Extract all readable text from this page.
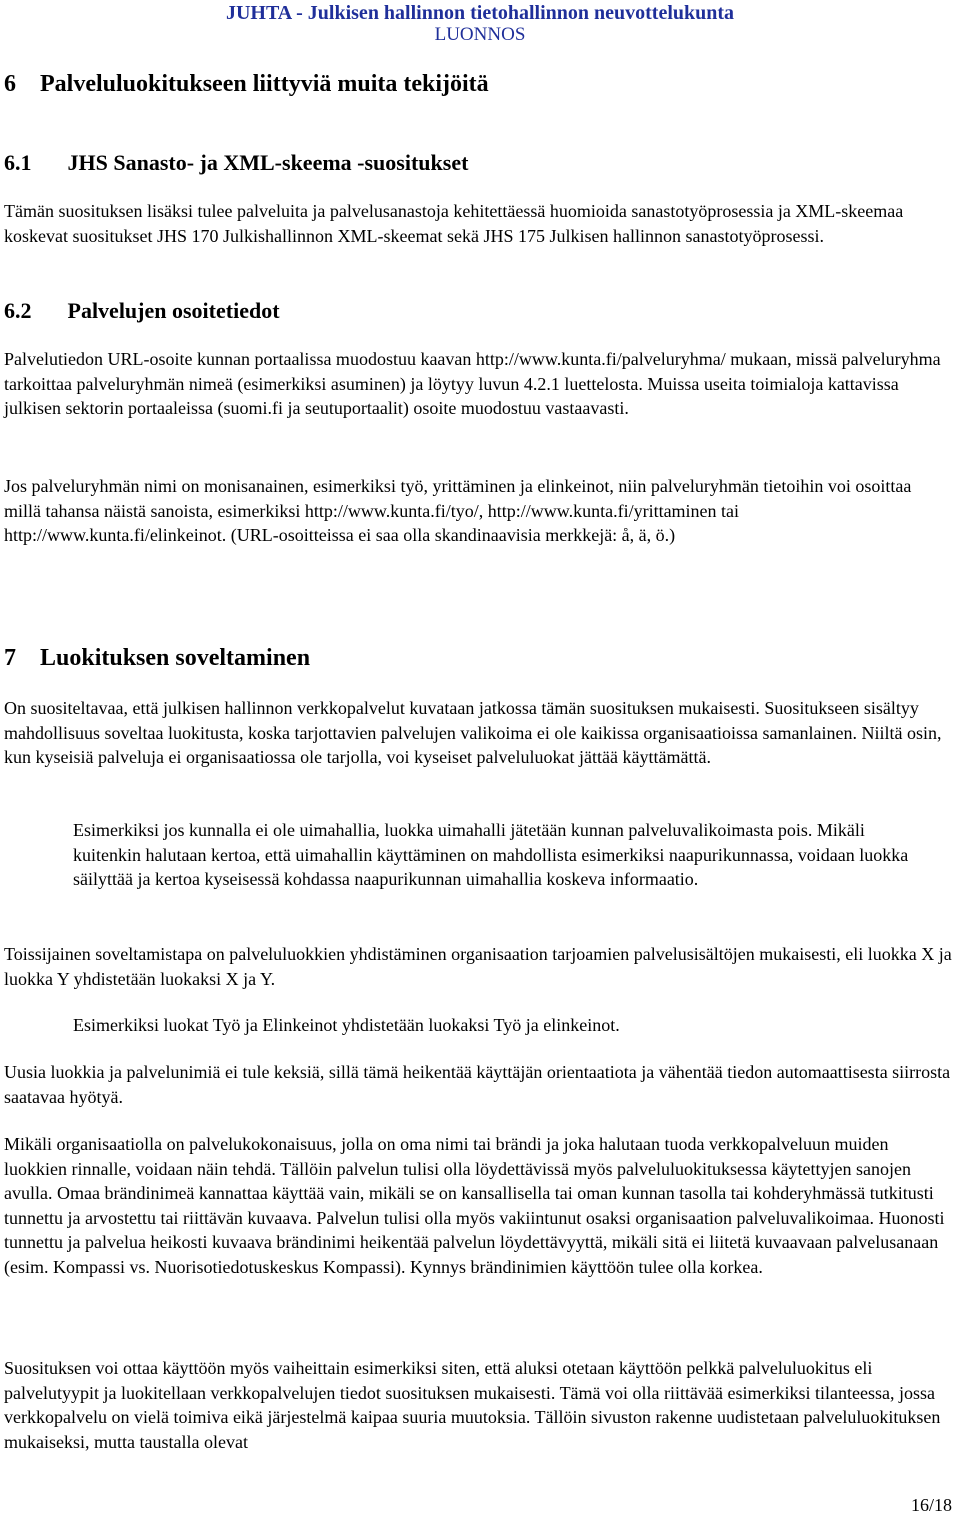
JUHTA - Julkisen hallinnon tietohallinnon neuvottelukunta
LUONNOS
6 Palveluluokitukseen liittyviä muita tekijöitä
6.1 JHS Sanasto- ja XML-skeema -suositukset

Tämän suosituksen lisäksi tulee palveluita ja palvelusanastoja kehitettäessä huomioida sanastotyöprosessia ja XML-skeemaa koskevat suositukset JHS 170 Julkishallinnon XML-skeemat sekä JHS 175 Julkisen hallinnon sanastotyöprosessi.

6.2 Palvelujen osoitetiedot

Palvelutiedon URL-osoite kunnan portaalissa muodostuu kaavan http://www.kunta.fi/palveluryhma/ mukaan, missä palveluryhma tarkoittaa palveluryhmän nimeä (esimerkiksi asuminen) ja löytyy luvun 4.2.1 luettelosta. Muissa useita toimialoja kattavissa julkisen sektorin portaaleissa (suomi.fi ja seutuportaalit) osoite muodostuu vastaavasti.

Jos palveluryhmän nimi on monisanainen, esimerkiksi työ, yrittäminen ja elinkeinot, niin palveluryhmän tietoihin voi osoittaa millä tahansa näistä sanoista, esimerkiksi http://www.kunta.fi/tyo/, http://www.kunta.fi/yrittaminen tai http://www.kunta.fi/elinkeinot. (URL-osoitteissa ei saa olla skandinaavisia merkkejä: å, ä, ö.)

7 Luokituksen soveltaminen

On suositeltavaa, että julkisen hallinnon verkkopalvelut kuvataan jatkossa tämän suosituksen mukaisesti. Suositukseen sisältyy mahdollisuus soveltaa luokitusta, koska tarjottavien palvelujen valikoima ei ole kaikissa organisaatioissa samanlainen. Niiltä osin, kun kyseisiä palveluja ei organisaatiossa ole tarjolla, voi kyseiset palveluluokat jättää käyttämättä.

Esimerkiksi jos kunnalla ei ole uimahallia, luokka uimahalli jätetään kunnan palveluvalikoimasta pois. Mikäli kuitenkin halutaan kertoa, että uimahallin käyttäminen on mahdollista esimerkiksi naapurikunnassa, voidaan luokka säilyttää ja kertoa kyseisessä kohdassa naapurikunnan uimahallia koskeva informaatio.

Toissijainen soveltamistapa on palveluluokkien yhdistäminen organisaation tarjoamien palvelusisältöjen mukaisesti, eli luokka X ja luokka Y yhdistetään luokaksi X ja Y.

Esimerkiksi luokat Työ ja Elinkeinot yhdistetään luokaksi Työ ja elinkeinot.

Uusia luokkia ja palvelunimiä ei tule keksiä, sillä tämä heikentää käyttäjän orientaatiota ja vähentää tiedon automaattisesta siirrosta saatavaa hyötyä.

Mikäli organisaatiolla on palvelukokonaisuus, jolla on oma nimi tai brändi ja joka halutaan tuoda verkkopalveluun muiden luokkien rinnalle, voidaan näin tehdä. Tällöin palvelun tulisi olla löydettävissä myös palveluluokituksessa käytettyjen sanojen avulla. Omaa brändinimeä kannattaa käyttää vain, mikäli se on kansallisella tai oman kunnan tasolla tai kohderyhmässä tutkitusti tunnettu ja arvostettu tai riittävän kuvaava. Palvelun tulisi olla myös vakiintunut osaksi organisaation palveluvalikoimaa. Huonosti tunnettu ja palvelua heikosti kuvaava brändinimi heikentää palvelun löydettävyyttä, mikäli sitä ei liitetä kuvaavaan palvelusanaan (esim. Kompassi vs. Nuorisotiedotuskeskus Kompassi). Kynnys brändinimien käyttöön tulee olla korkea.

Suosituksen voi ottaa käyttöön myös vaiheittain esimerkiksi siten, että aluksi otetaan käyttöön pelkkä palveluluokitus eli palvelutyypit ja luokitellaan verkkopalvelujen tiedot suosituksen mukaisesti. Tämä voi olla riittävää esimerkiksi tilanteessa, jossa verkkopalvelu on vielä toimiva eikä järjestelmä kaipaa suuria muutoksia. Tällöin sivuston rakenne uudistetaan palveluluokituksen mukaiseksi, mutta taustalla olevat

16/18
